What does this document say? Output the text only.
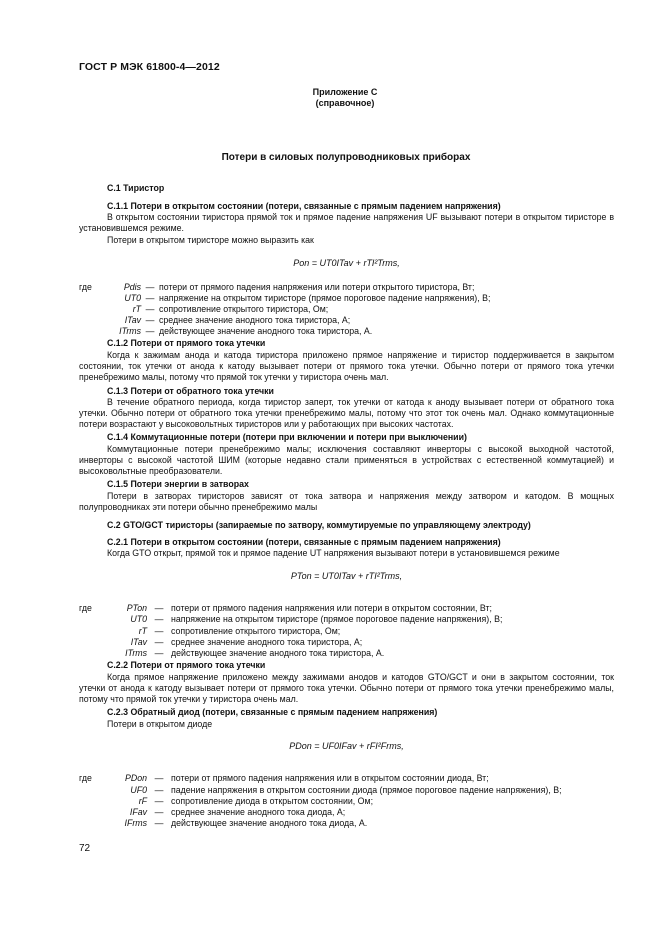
ГОСТ Р МЭК 61800-4—2012
Приложение С
(справочное)
Потери в силовых полупроводниковых приборах
С.1 Тиристор
С.1.1 Потери в открытом состоянии (потери, связанные с прямым падением напряжения)
В открытом состоянии тиристора прямой ток и прямое падение напряжения UF вызывают потери в открытом тиристоре в установившемся режиме.
Потери в открытом тиристоре можно выразить как
Pon = UT0ITav + rTI²Trms,
где	Pdis — потери от прямого падения напряжения или потери открытого тиристора, Вт;
UT0 — напряжение на открытом тиристоре (прямое пороговое падение напряжения), В;
rT — сопротивление открытого тиристора, Ом;
ITav — среднее значение анодного тока тиристора, А;
ITrms — действующее значение анодного тока тиристора, А.
С.1.2 Потери от прямого тока утечки
Когда к зажимам анода и катода тиристора приложено прямое напряжение и тиристор поддерживается в закрытом состоянии, ток утечки от анода к катоду вызывает потери от прямого тока утечки. Обычно потери от прямого тока утечки пренебрежимо малы, потому что прямой ток утечки у тиристора очень мал.
С.1.3 Потери от обратного тока утечки
В течение обратного периода, когда тиристор заперт, ток утечки от катода к аноду вызывает потери от обратного тока утечки. Обычно потери от обратного тока утечки пренебрежимо малы, потому что этот ток очень мал. Однако коммутационные потери возрастают у высоковольтных тиристоров или у работающих при высоких частотах.
С.1.4 Коммутационные потери (потери при включении и потери при выключении)
Коммутационные потери пренебрежимо малы; исключения составляют инверторы с высокой выходной частотой, инверторы с высокой частотой ШИМ (которые недавно стали применяться в устройствах с естественной коммутацией) и высоковольтные преобразователи.
С.1.5 Потери энергии в затворах
Потери в затворах тиристоров зависят от тока затвора и напряжения между затвором и катодом. В мощных полупроводниках эти потери обычно пренебрежимо малы
С.2 GTO/GCT тиристоры (запираемые по затвору, коммутируемые по управляющему электроду)
С.2.1 Потери в открытом состоянии (потери, связанные с прямым падением напряжения)
Когда GTO открыт, прямой ток и прямое падение UT напряжения вызывают потери в установившемся режиме
PTon = UT0ITav + rTI²Trms,
где	PTon — потери от прямого падения напряжения или потери в открытом состоянии, Вт;
UT0 — напряжение на открытом тиристоре (прямое пороговое падение напряжения), В;
rT — сопротивление открытого тиристора, Ом;
ITav — среднее значение анодного тока тиристора, А;
ITrms — действующее значение анодного тока тиристора, А.
С.2.2 Потери от прямого тока утечки
Когда прямое напряжение приложено между зажимами анодов и катодов GTO/GCT и они в закрытом состоянии, ток утечки от анода к катоду вызывает потери от прямого тока утечки. Обычно потери от прямого тока утечки пренебрежимо малы, потому что прямой ток утечки у тиристора очень мал.
С.2.3 Обратный диод (потери, связанные с прямым падением напряжения)
Потери в открытом диоде
PDon = UF0IFav + rFI²Frms,
где	PDon — потери от прямого падения напряжения или в открытом состоянии диода, Вт;
UF0 — падение напряжения в открытом состоянии диода (прямое пороговое падение напряжения), В;
rF — сопротивление диода в открытом состоянии, Ом;
IFav — среднее значение анодного тока диода, А;
IFrms — действующее значение анодного тока диода, А.
72
